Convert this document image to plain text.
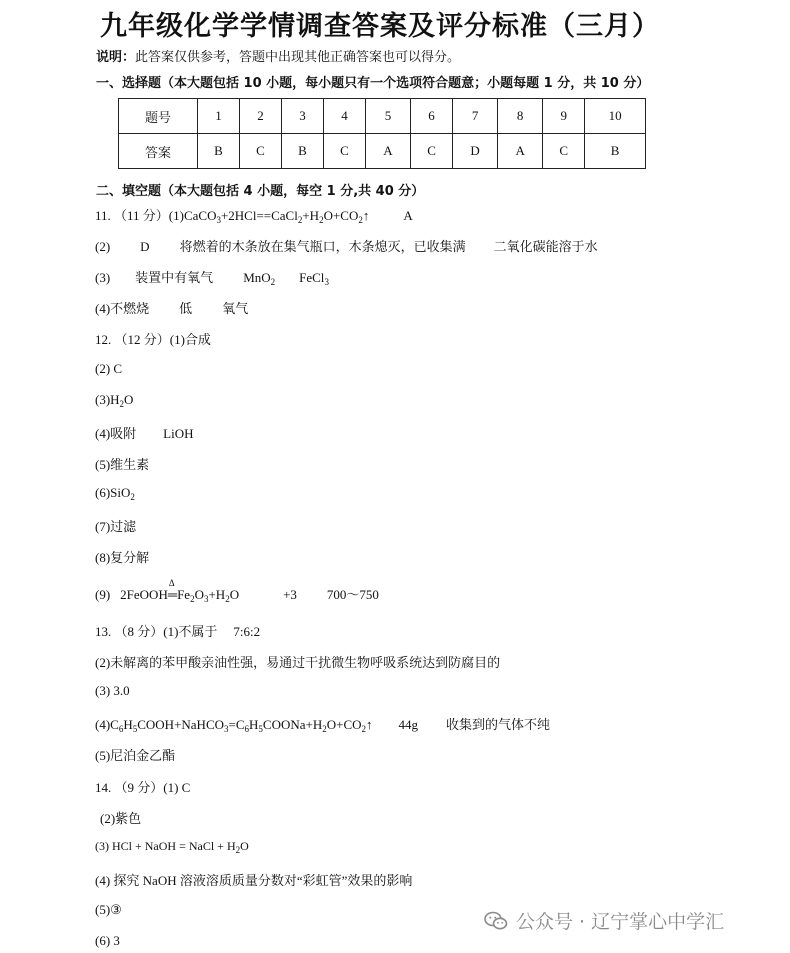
九年级化学学情调查答案及评分标准（三月）
说明：此答案仅供参考，答题中出现其他正确答案也可以得分。
一、选择题（本大题包括 10 小题，每小题只有一个选项符合题意；小题每题 1 分，共 10 分）
题号	1	2	3	4	5	6	7	8	9	10
答案	B	C	B	C	A	C	D	A	C	B
二、填空题（本大题包括 4 小题，每空 1 分,共 40 分）
11. （11 分）$(1)CaCO_3+2HCl==CaCl_2+H_2O+CO_2↑$	A
(2) D 将燃着的木条放在集气瓶口，木条熄灭，已收集满 二氧化碳能溶于水
(3) 装置中有氧气 MnO$_2$ FeCl$_3$
(4)不燃烧 低 氧气
12. （12 分）(1)合成
(2) C
$(3)H_2O$
(4)吸附 LiOH
(5)维生素
(6)SiO$_2$
(7)过滤
(8)复分解
(9) 2FeOOH
Δ
$═Fe_2O_3+H_2O$	+3 700～750
13. （8 分）(1)不属于 7:6:2
(2)未解离的苯甲酸亲油性强，易通过干扰微生物呼吸系统达到防腐目的
(3) 3.0
$(4)C_6H_5COOH+NaHCO_3=C_6H_5COONa+H_2O+CO_2↑$ 44g 收集到的气体不纯
(5)尼泊金乙酯
14. （9 分）(1) C
(2)紫色
(3) HCl + NaOH = NaCl + $H_2O$
(4) 探究 NaOH 溶液溶质质量分数对“彩虹管”效果的影响
(5)③
(6) 3
公众号 · 辽宁掌心中学汇
